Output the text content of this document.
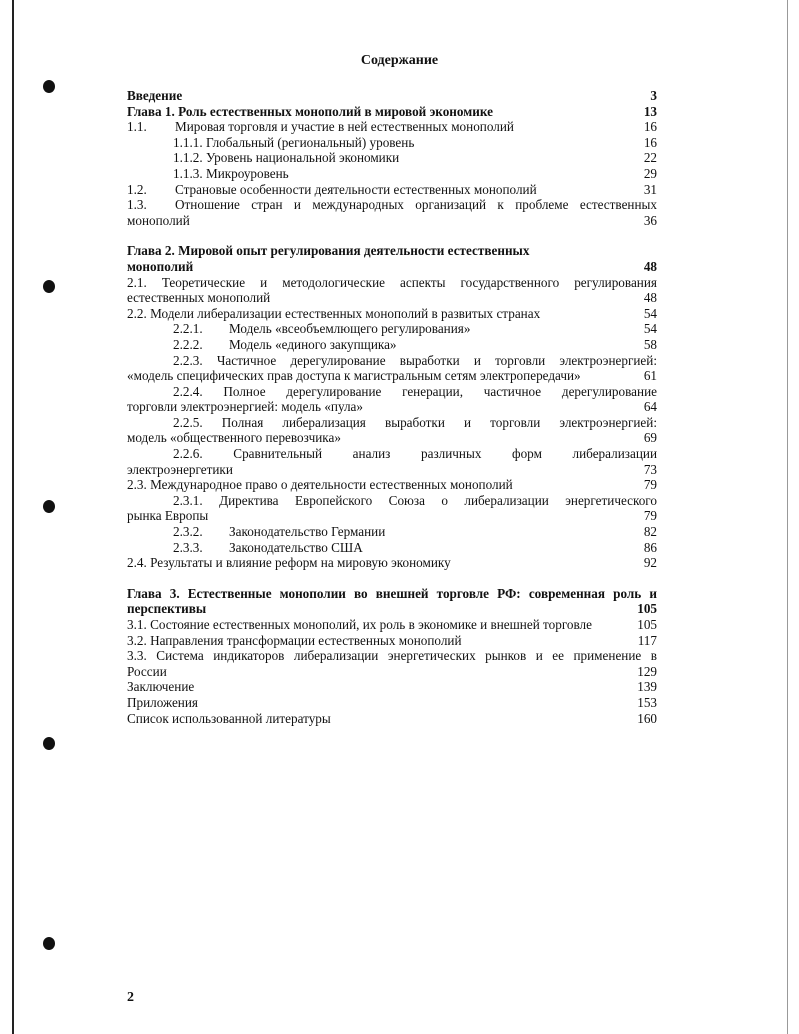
Содержание
Введение	3
Глава 1. Роль естественных монополий в мировой экономике	13
1.1. Мировая торговля и участие в ней естественных монополий	16
1.1.1. Глобальный (региональный) уровень	16
1.1.2. Уровень национальной экономики	22
1.1.3. Микроуровень	29
1.2. Страновые особенности деятельности естественных монополий	31
1.3. Отношение стран и международных организаций к проблеме естественных
монополий	36
Глава 2. Мировой опыт регулирования деятельности естественных
монополий	48
2.1. Теоретические и методологические аспекты государственного регулирования
естественных монополий	48
2.2. Модели либерализации естественных монополий в развитых странах	54
2.2.1. Модель «всеобъемлющего регулирования»	54
2.2.2. Модель «единого закупщика»	58
2.2.3. Частичное дерегулирование выработки и торговли электроэнергией:
«модель специфических прав доступа к магистральным сетям электропередачи»	61
2.2.4. Полное дерегулирование генерации, частичное дерегулирование
торговли электроэнергией: модель «пула»	64
2.2.5. Полная либерализация выработки и торговли электроэнергией:
модель «общественного перевозчика»	69
2.2.6. Сравнительный анализ различных форм либерализации
электроэнергетики	73
2.3. Международное право о деятельности естественных монополий	79
2.3.1. Директива Европейского Союза о либерализации энергетического
рынка Европы	79
2.3.2. Законодательство Германии	82
2.3.3. Законодательство США	86
2.4. Результаты и влияние реформ на мировую экономику	92
Глава 3. Естественные монополии во внешней торговле РФ: современная роль и
перспективы	105
3.1. Состояние естественных монополий, их роль в экономике и внешней торговле	105
3.2. Направления трансформации естественных монополий	117
3.3. Система индикаторов либерализации энергетических рынков и ее применение в
России	129
Заключение	139
Приложения	153
Список использованной литературы	160
2
